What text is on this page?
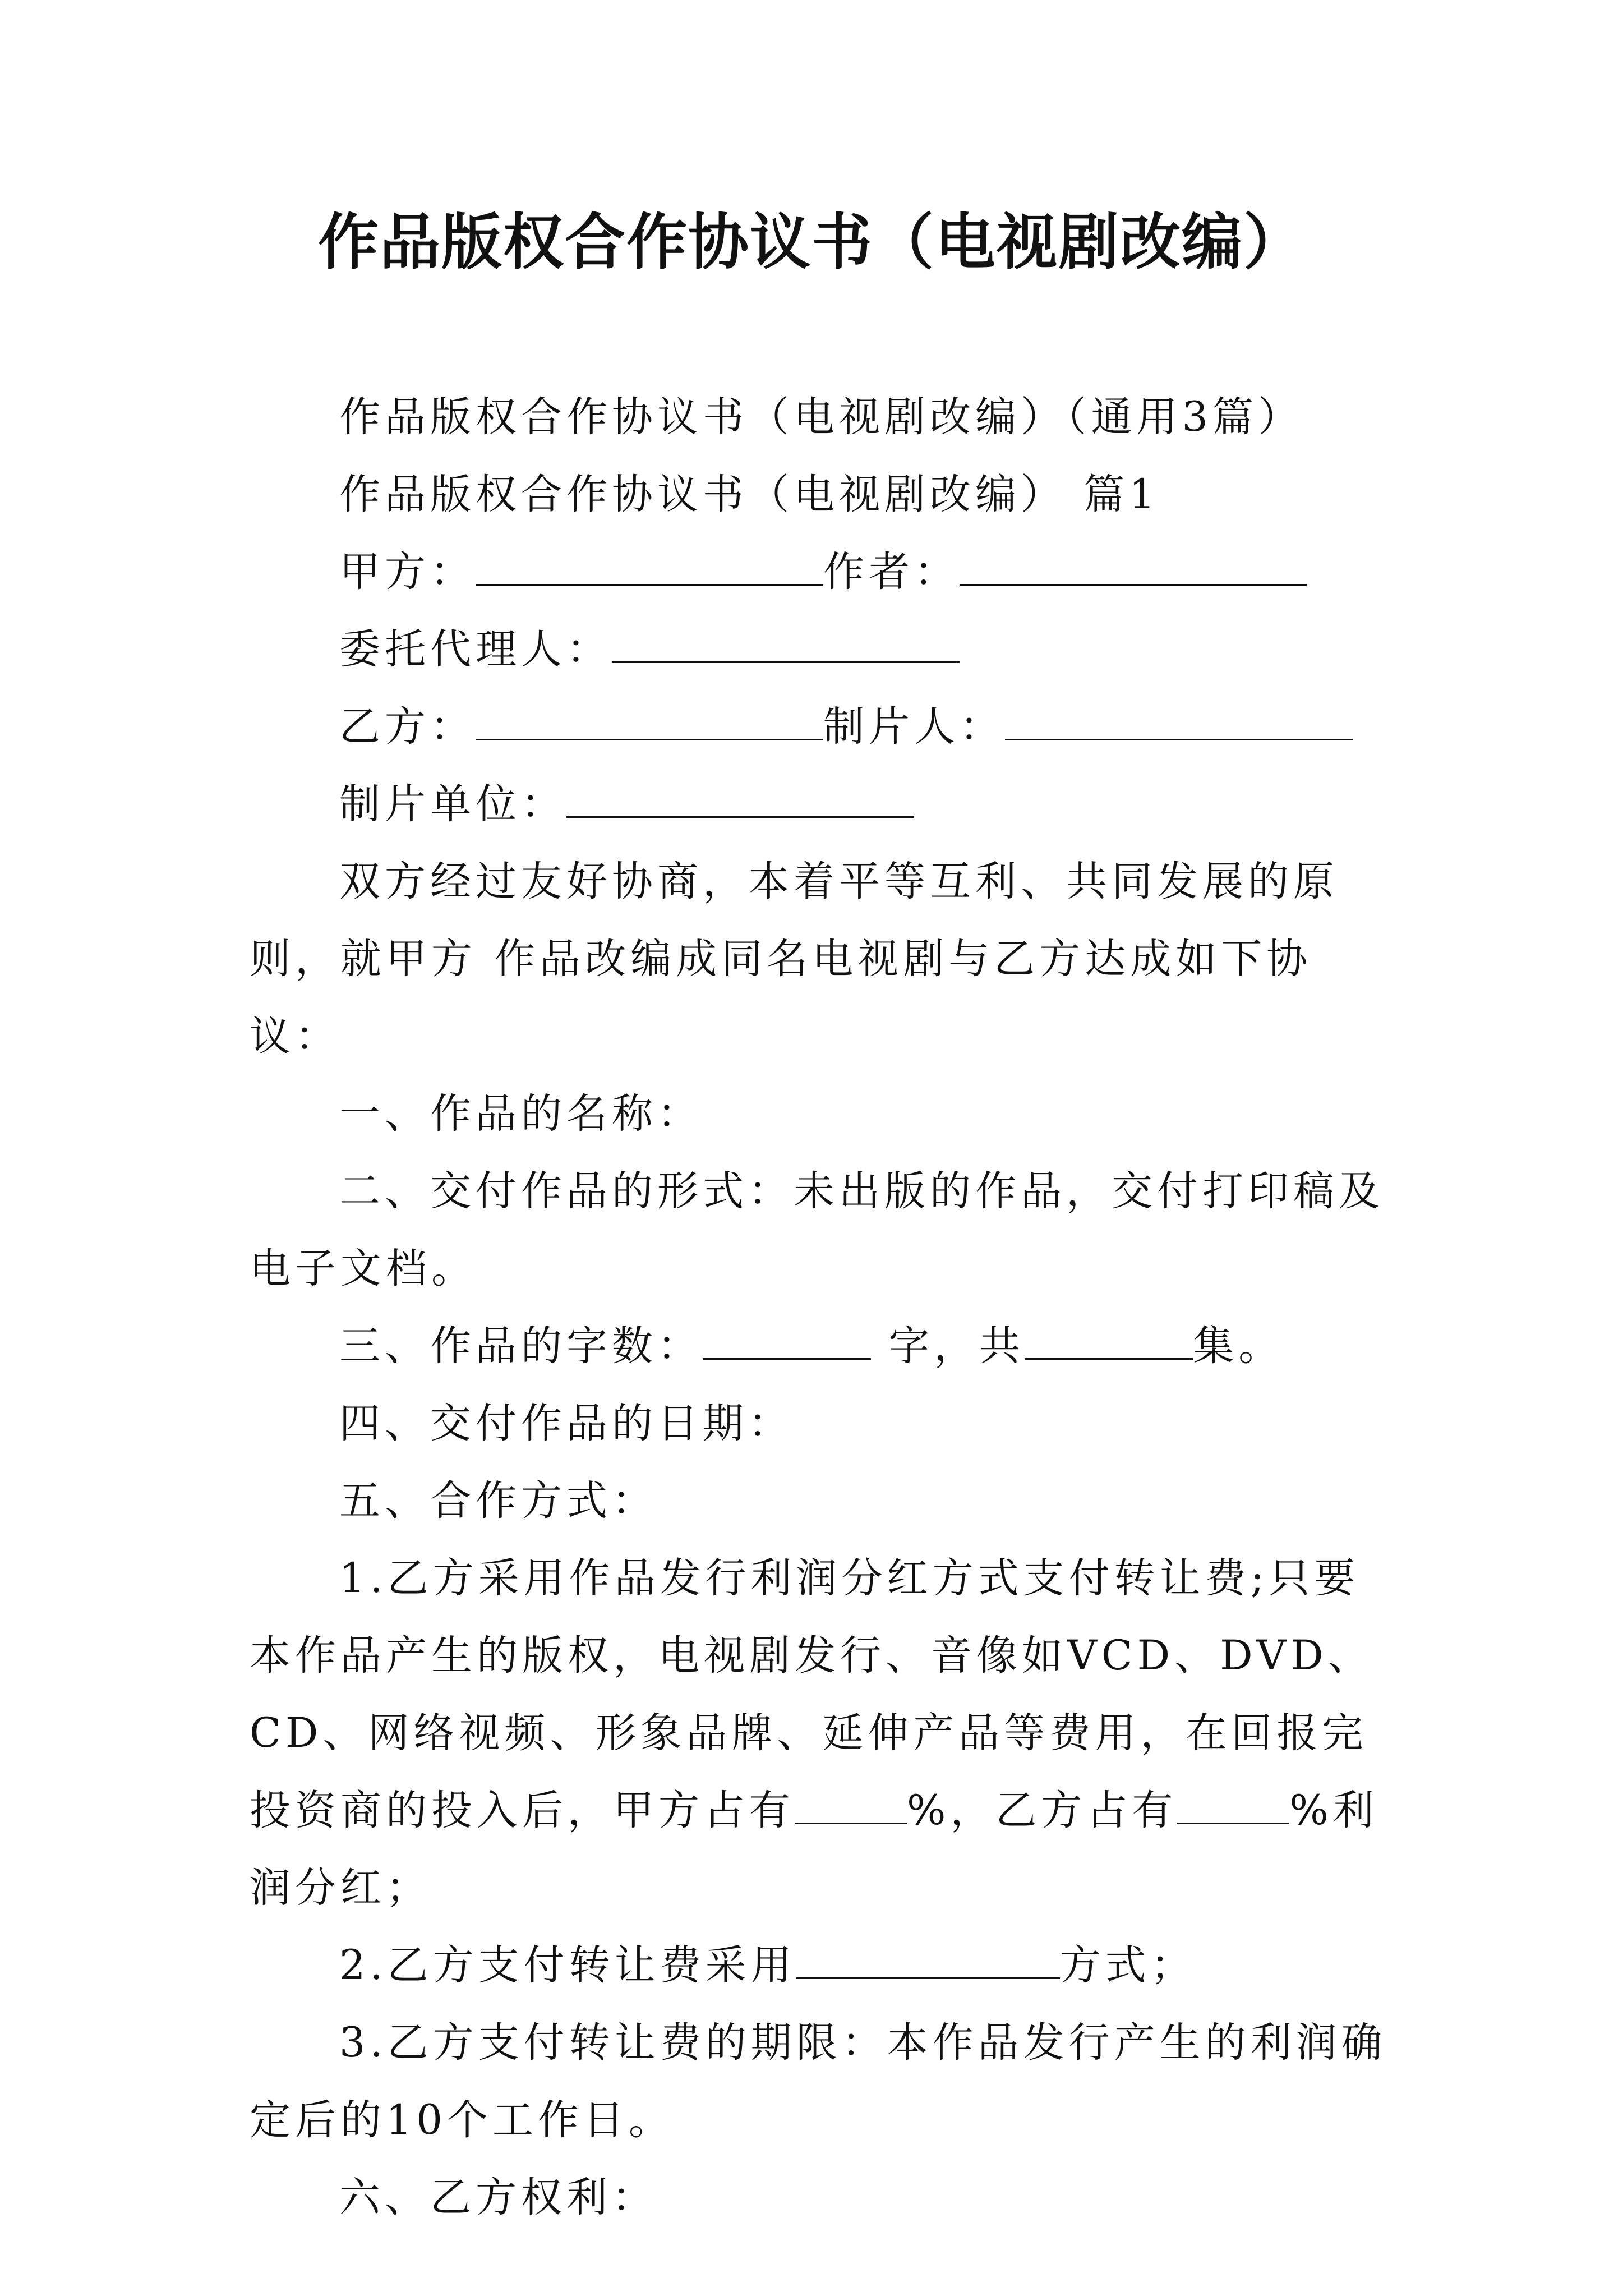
作品版权合作协议书（电视剧改编）

作品版权合作协议书（电视剧改编）（通用3篇）

作品版权合作协议书（电视剧改编） 篇1

甲方：	作者：

委托代理人：

乙方：	制片人：

制片单位：

双方经过友好协商，本着平等互利、共同发展的原则，就甲方 作品改编成同名电视剧与乙方达成如下协议：

一、作品的名称：

二、交付作品的形式：未出版的作品，交付打印稿及电子文档。

三、作品的字数：	字，共	集。

四、交付作品的日期：

五、合作方式：

1.乙方采用作品发行利润分红方式支付转让费;只要本作品产生的版权，电视剧发行、音像如VCD、DVD、CD、网络视频、形象品牌、延伸产品等费用，在回报完投资商的投入后，甲方占有	%，乙方占有	%利润分红；

2.乙方支付转让费采用	方式；

3.乙方支付转让费的期限：本作品发行产生的利润确定后的10个工作日。

六、乙方权利：
